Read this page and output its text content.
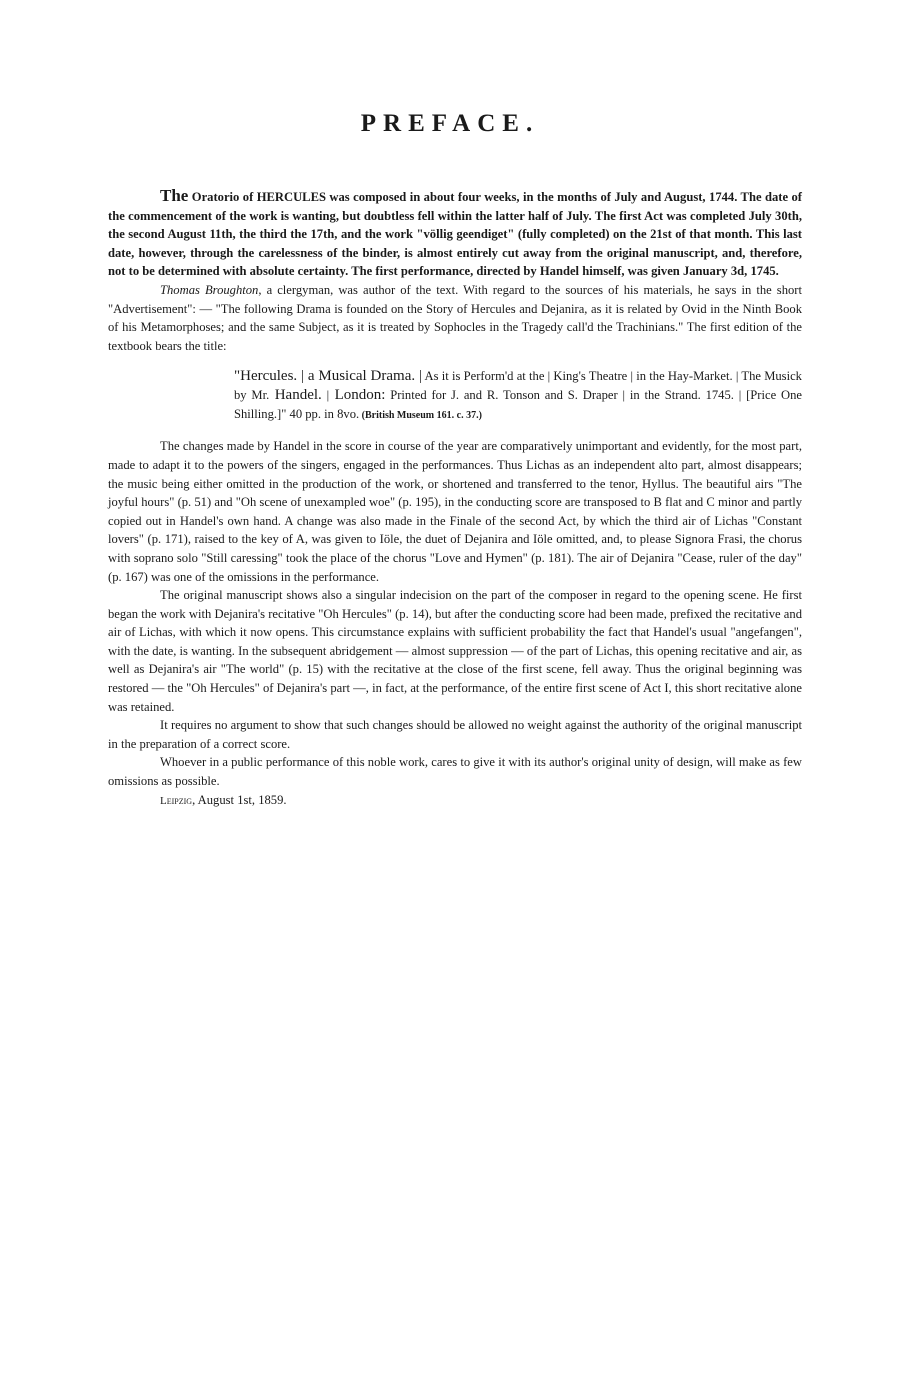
PREFACE.

The Oratorio of HERCULES was composed in about four weeks, in the months of July and August, 1744. The date of the commencement of the work is wanting, but doubtless fell within the latter half of July. The first Act was completed July 30th, the second August 11th, the third the 17th, and the work "völlig geendiget" (fully completed) on the 21st of that month. This last date, however, through the carelessness of the binder, is almost entirely cut away from the original manuscript, and, therefore, not to be determined with absolute certainty. The first performance, directed by Handel himself, was given January 3d, 1745.

Thomas Broughton, a clergyman, was author of the text. With regard to the sources of his materials, he says in the short "Advertisement": — "The following Drama is founded on the Story of Hercules and Dejanira, as it is related by Ovid in the Ninth Book of his Metamorphoses; and the same Subject, as it is treated by Sophocles in the Tragedy call'd the Trachinians." The first edition of the textbook bears the title:

"Hercules. | a Musical Drama. | As it is Perform'd at the | King's Theatre | in the Hay-Market. | The Musick by Mr. Handel. | London: Printed for J. and R. Tonson and S. Draper | in the Strand. 1745. | [Price One Shilling.]" 40 pp. in 8vo. (British Museum 161. c. 37.)

The changes made by Handel in the score in course of the year are comparatively unimportant and evidently, for the most part, made to adapt it to the powers of the singers, engaged in the performances. Thus Lichas as an independent alto part, almost disappears; the music being either omitted in the production of the work, or shortened and transferred to the tenor, Hyllus. The beautiful airs "The joyful hours" (p. 51) and "Oh scene of unexampled woe" (p. 195), in the conducting score are transposed to B flat and C minor and partly copied out in Handel's own hand. A change was also made in the Finale of the second Act, by which the third air of Lichas "Constant lovers" (p. 171), raised to the key of A, was given to Iöle, the duet of Dejanira and Iöle omitted, and, to please Signora Frasi, the chorus with soprano solo "Still caressing" took the place of the chorus "Love and Hymen" (p. 181). The air of Dejanira "Cease, ruler of the day" (p. 167) was one of the omissions in the performance.

The original manuscript shows also a singular indecision on the part of the composer in regard to the opening scene. He first began the work with Dejanira's recitative "Oh Hercules" (p. 14), but after the conducting score had been made, prefixed the recitative and air of Lichas, with which it now opens. This circumstance explains with sufficient probability the fact that Handel's usual "angefangen", with the date, is wanting. In the subsequent abridgement — almost suppression — of the part of Lichas, this opening recitative and air, as well as Dejanira's air "The world" (p. 15) with the recitative at the close of the first scene, fell away. Thus the original beginning was restored — the "Oh Hercules" of Dejanira's part —, in fact, at the performance, of the entire first scene of Act I, this short recitative alone was retained.

It requires no argument to show that such changes should be allowed no weight against the authority of the original manuscript in the preparation of a correct score.

Whoever in a public performance of this noble work, cares to give it with its author's original unity of design, will make as few omissions as possible.

Leipzig, August 1st, 1859.
